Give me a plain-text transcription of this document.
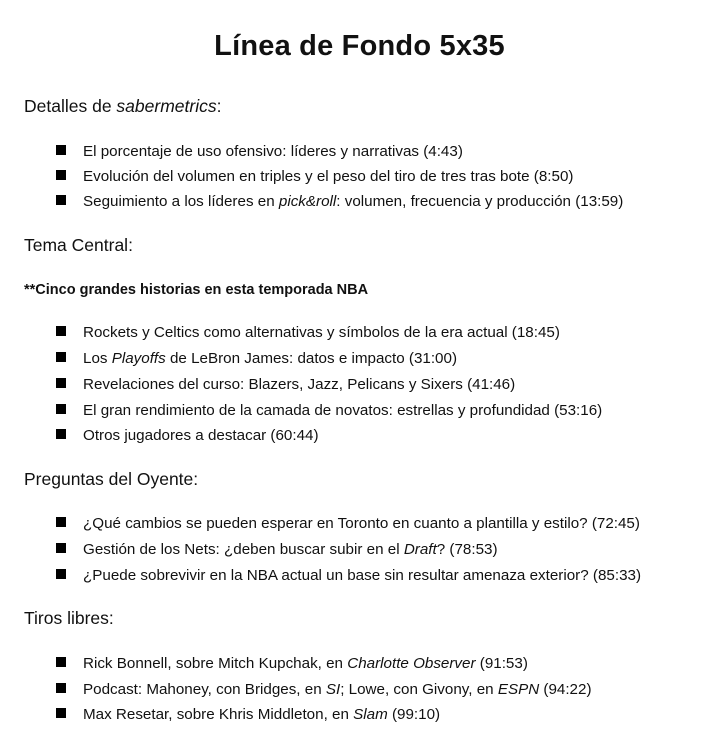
Línea de Fondo 5x35
Detalles de sabermetrics:
El porcentaje de uso ofensivo: líderes y narrativas (4:43)
Evolución del volumen en triples y el peso del tiro de tres tras bote (8:50)
Seguimiento a los líderes en pick&roll: volumen, frecuencia y producción (13:59)
Tema Central:
**Cinco grandes historias en esta temporada NBA
Rockets y Celtics como alternativas y símbolos de la era actual (18:45)
Los Playoffs de LeBron James: datos e impacto (31:00)
Revelaciones del curso: Blazers, Jazz, Pelicans y Sixers (41:46)
El gran rendimiento de la camada de novatos: estrellas y profundidad (53:16)
Otros jugadores a destacar (60:44)
Preguntas del Oyente:
¿Qué cambios se pueden esperar en Toronto en cuanto a plantilla y estilo? (72:45)
Gestión de los Nets: ¿deben buscar subir en el Draft? (78:53)
¿Puede sobrevivir en la NBA actual un base sin resultar amenaza exterior? (85:33)
Tiros libres:
Rick Bonnell, sobre Mitch Kupchak, en Charlotte Observer (91:53)
Podcast: Mahoney, con Bridges, en SI; Lowe, con Givony, en ESPN (94:22)
Max Resetar, sobre Khris Middleton, en Slam (99:10)
